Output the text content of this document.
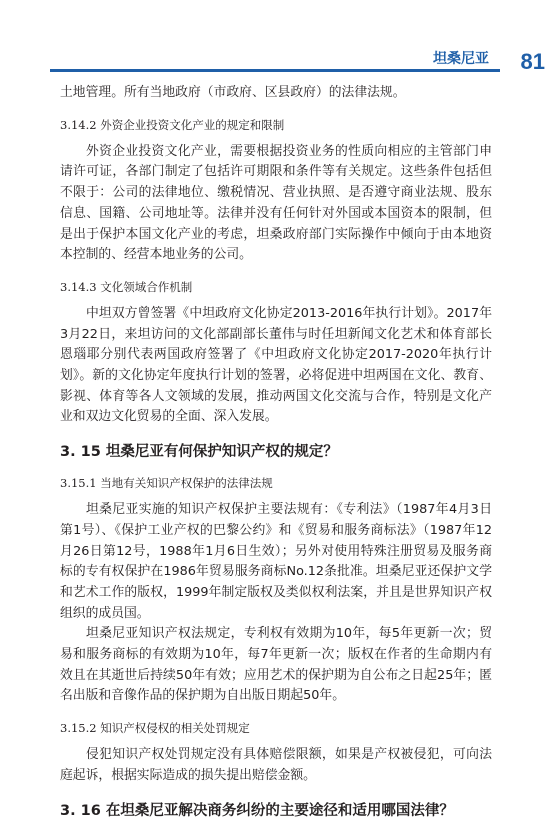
坦桑尼亚 81

土地管理。所有当地政府（市政府、区县政府）的法律法规。

3.14.2 外资企业投资文化产业的规定和限制

外资企业投资文化产业，需要根据投资业务的性质向相应的主管部门申请许可证，各部门制定了包括许可期限和条件等有关规定。这些条件包括但不限于：公司的法律地位、缴税情况、营业执照、是否遵守商业法规、股东信息、国籍、公司地址等。法律并没有任何针对外国或本国资本的限制，但是出于保护本国文化产业的考虑，坦桑政府部门实际操作中倾向于由本地资本控制的、经营本地业务的公司。

3.14.3 文化领域合作机制

中坦双方曾签署《中坦政府文化协定2013-2016年执行计划》。2017年3月22日，来坦访问的文化部副部长董伟与时任坦新闻文化艺术和体育部长恩瑙耶分别代表两国政府签署了《中坦政府文化协定2017-2020年执行计划》。新的文化协定年度执行计划的签署，必将促进中坦两国在文化、教育、影视、体育等各人文领域的发展，推动两国文化交流与合作，特别是文化产业和双边文化贸易的全面、深入发展。

3. 15 坦桑尼亚有何保护知识产权的规定？
3.15.1 当地有关知识产权保护的法律法规

坦桑尼亚实施的知识产权保护主要法规有：《专利法》（1987年4月3日第1号）、《保护工业产权的巴黎公约》和《贸易和服务商标法》（1987年12月26日第12号，1988年1月6日生效）；另外对使用特殊注册贸易及服务商标的专有权保护在1986年贸易服务商标No.12条批准。坦桑尼亚还保护文学和艺术工作的版权，1999年制定版权及类似权利法案，并且是世界知识产权组织的成员国。

坦桑尼亚知识产权法规定，专利权有效期为10年，每5年更新一次；贸易和服务商标的有效期为10年，每7年更新一次；版权在作者的生命期内有效且在其逝世后持续50年有效；应用艺术的保护期为自公布之日起25年；匿名出版和音像作品的保护期为自出版日期起50年。

3.15.2 知识产权侵权的相关处罚规定

侵犯知识产权处罚规定没有具体赔偿限额，如果是产权被侵犯，可向法庭起诉，根据实际造成的损失提出赔偿金额。

3. 16 在坦桑尼亚解决商务纠纷的主要途径和适用哪国法律？
